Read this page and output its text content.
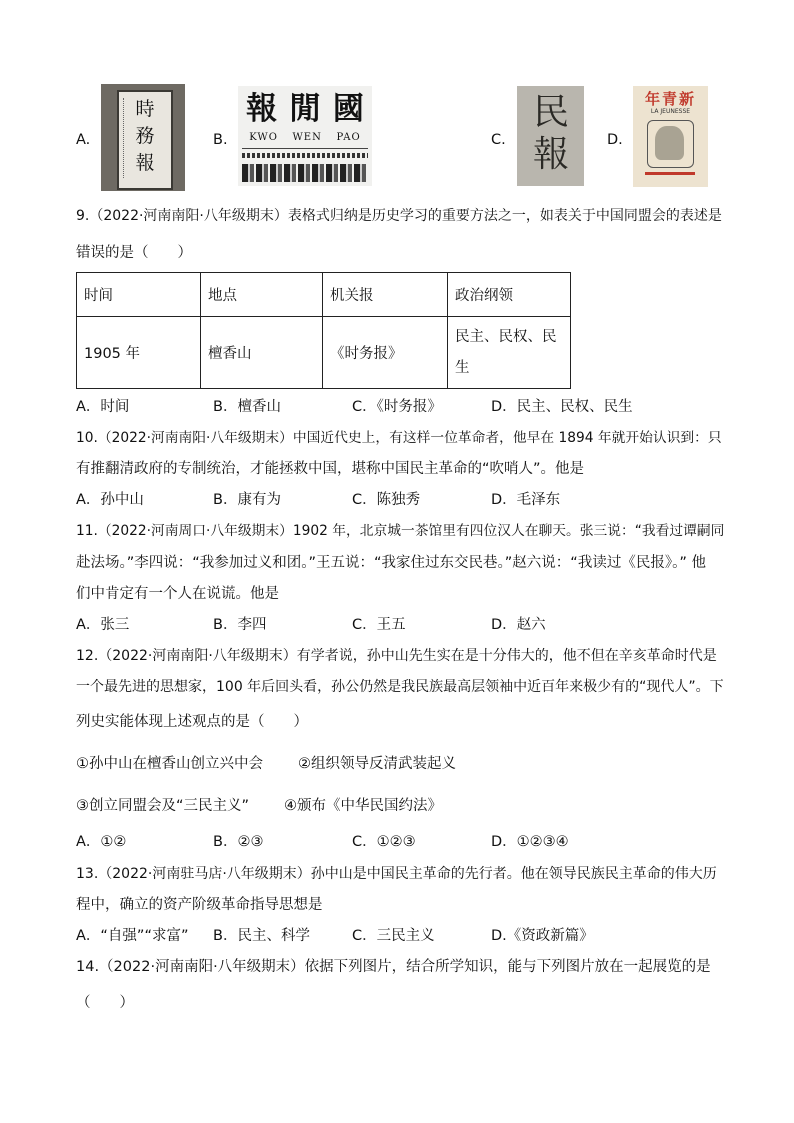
A.
時
務
報
B.
報 閒 國
KWO WEN PAO	C.
民
報	D.
年青新
LA JEUNESSE
9.（2022·河南南阳·八年级期末）表格式归纳是历史学习的重要方法之一，如表关于中国同盟会的表述是
错误的是（　　）
时间	地点	机关报	政治纲领
1905 年	檀香山	《时务报》	民主、民权、民
生
A．时间	B．檀香山	C．《时务报》	D．民主、民权、民生
10.（2022·河南南阳·八年级期末）中国近代史上，有这样一位革命者，他早在 1894 年就开始认识到：只
有推翻清政府的专制统治，才能拯救中国，堪称中国民主革命的“吹哨人”。他是
A．孙中山	B．康有为	C．陈独秀	D．毛泽东
11.（2022·河南周口·八年级期末）1902 年，北京城一茶馆里有四位汉人在聊天。张三说：“我看过谭嗣同
赴法场。”李四说：“我参加过义和团。”王五说：“我家住过东交民巷。”赵六说：“我读过《民报》。” 他
们中肯定有一个人在说谎。他是
A．张三	B．李四	C．王五	D．赵六
12.（2022·河南南阳·八年级期末）有学者说，孙中山先生实在是十分伟大的，他不但在辛亥革命时代是
一个最先进的思想家，100 年后回头看，孙公仍然是我民族最高层领袖中近百年来极少有的“现代人”。下
列史实能体现上述观点的是（　　）
①孙中山在檀香山创立兴中会 ②组织领导反清武装起义
③创立同盟会及“三民主义” ④颁布《中华民国约法》
A．①②	B．②③	C．①②③	D．①②③④
13.（2022·河南驻马店·八年级期末）孙中山是中国民主革命的先行者。他在领导民族民主革命的伟大历
程中，确立的资产阶级革命指导思想是
A．“自强”“求富” B．民主、科学	C．三民主义	D.《资政新篇》
14.（2022·河南南阳·八年级期末）依据下列图片，结合所学知识，能与下列图片放在一起展览的是
（　　）
